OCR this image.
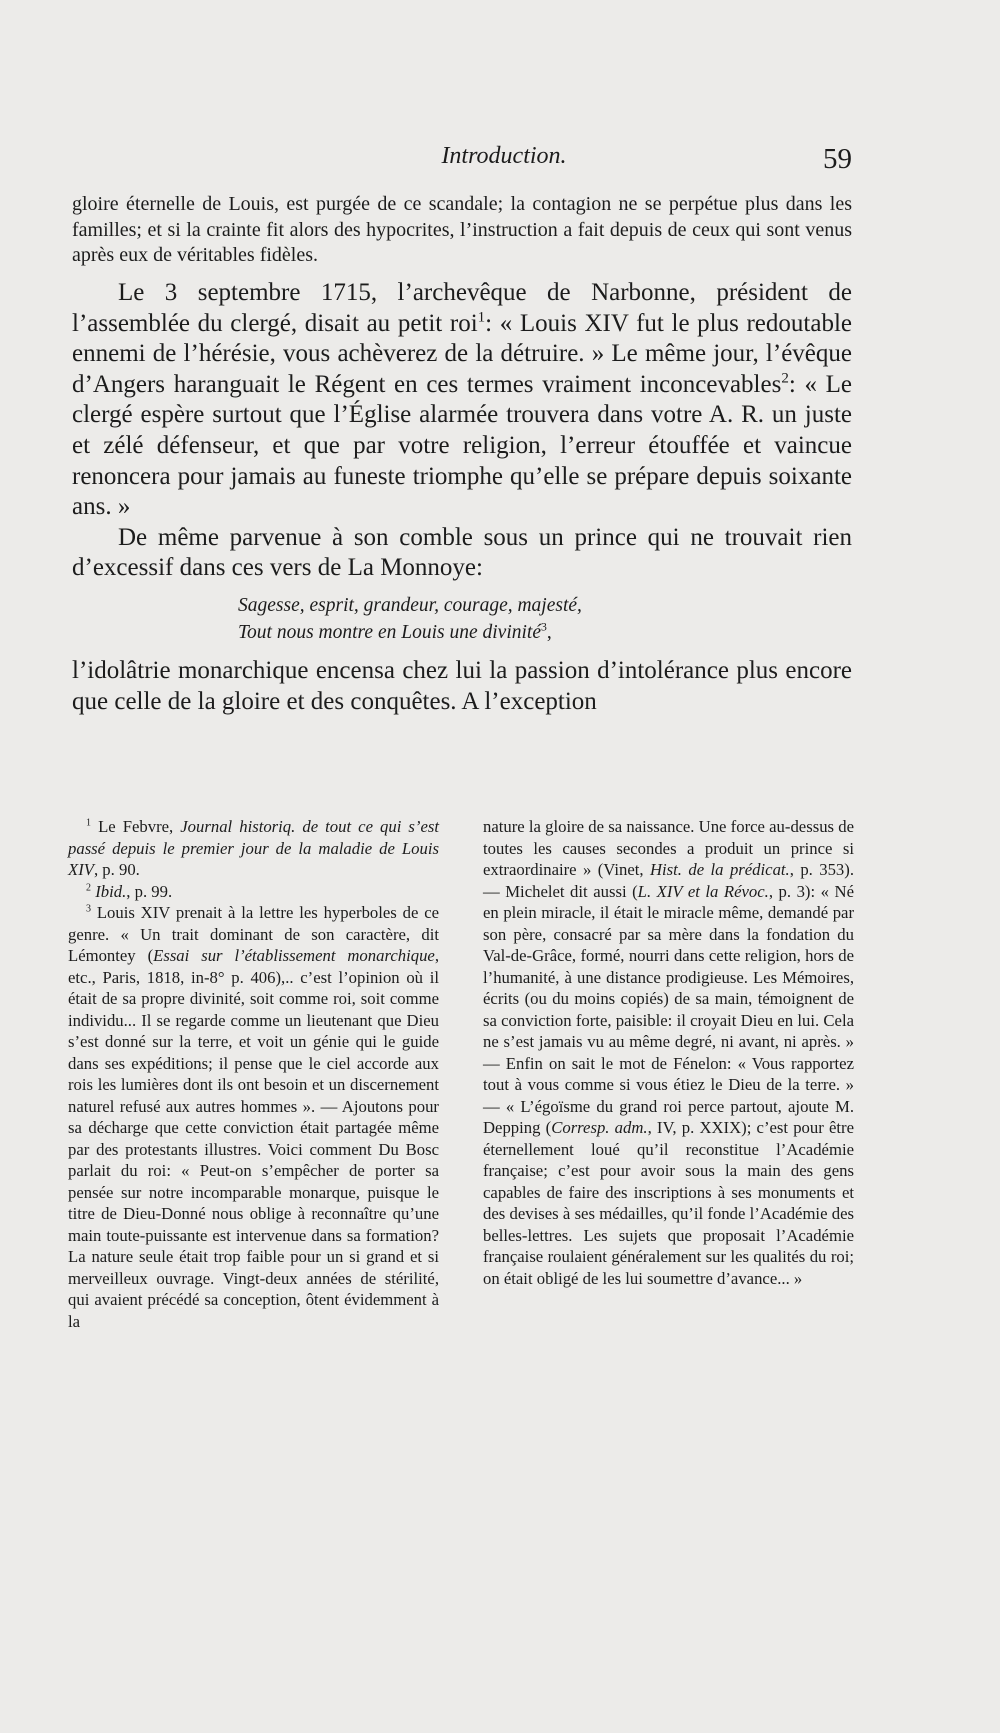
Introduction.	59

gloire éternelle de Louis, est purgée de ce scandale; la contagion ne se perpétue plus dans les familles; et si la crainte fit alors des hypocrites, l’instruction a fait depuis de ceux qui sont venus après eux de véritables fidèles.

Le 3 septembre 1715, l’archevêque de Narbonne, président de l’assemblée du clergé, disait au petit roi$^1$: « Louis XIV fut le plus redoutable ennemi de l’hérésie, vous achèverez de la détruire. » Le même jour, l’évêque d’Angers haranguait le Régent en ces termes vraiment inconcevables$^2$: « Le clergé espère surtout que l’Église alarmée trouvera dans votre A. R. un juste et zélé défenseur, et que par votre religion, l’erreur étouffée et vaincue renoncera pour jamais au funeste triomphe qu’elle se prépare depuis soixante ans. »

De même parvenue à son comble sous un prince qui ne trouvait rien d’excessif dans ces vers de La Monnoye:

Sagesse, esprit, grandeur, courage, majesté,
Tout nous montre en Louis une divinité$^3$,

l’idolâtrie monarchique encensa chez lui la passion d’intolérance plus encore que celle de la gloire et des conquêtes. A l’exception

$^1$ Le Febvre, Journal historiq. de tout ce qui s’est passé depuis le premier jour de la maladie de Louis XIV, p. 90.

$^2$ Ibid., p. 99.

$^3$ Louis XIV prenait à la lettre les hyperboles de ce genre. « Un trait dominant de son caractère, dit Lémontey (Essai sur l’établissement monarchique, etc., Paris, 1818, in-8° p. 406),.. c’est l’opinion où il était de sa propre divinité, soit comme roi, soit comme individu... Il se regarde comme un lieutenant que Dieu s’est donné sur la terre, et voit un génie qui le guide dans ses expéditions; il pense que le ciel accorde aux rois les lumières dont ils ont besoin et un discernement naturel refusé aux autres hommes ». — Ajoutons pour sa décharge que cette conviction était partagée même par des protestants illustres. Voici comment Du Bosc parlait du roi: « Peut-on s’empêcher de porter sa pensée sur notre incomparable monarque, puisque le titre de Dieu-Donné nous oblige à reconnaître qu’une main toute-puissante est intervenue dans sa formation? La nature seule était trop faible pour un si grand et si merveilleux ouvrage. Vingt-deux années de stérilité, qui avaient précédé sa conception, ôtent évidemment à la

nature la gloire de sa naissance. Une force au-dessus de toutes les causes secondes a produit un prince si extraordinaire » (Vinet, Hist. de la prédicat., p. 353). — Michelet dit aussi (L. XIV et la Révoc., p. 3): « Né en plein miracle, il était le miracle même, demandé par son père, consacré par sa mère dans la fondation du Val-de-Grâce, formé, nourri dans cette religion, hors de l’humanité, à une distance prodigieuse. Les Mémoires, écrits (ou du moins copiés) de sa main, témoignent de sa conviction forte, paisible: il croyait Dieu en lui. Cela ne s’est jamais vu au même degré, ni avant, ni après. » — Enfin on sait le mot de Fénelon: « Vous rapportez tout à vous comme si vous étiez le Dieu de la terre. » — « L’égoïsme du grand roi perce partout, ajoute M. Depping (Corresp. adm., IV, p. XXIX); c’est pour être éternellement loué qu’il reconstitue l’Académie française; c’est pour avoir sous la main des gens capables de faire des inscriptions à ses monuments et des devises à ses médailles, qu’il fonde l’Académie des belles-lettres. Les sujets que proposait l’Académie française roulaient généralement sur les qualités du roi; on était obligé de les lui soumettre d’avance... »
